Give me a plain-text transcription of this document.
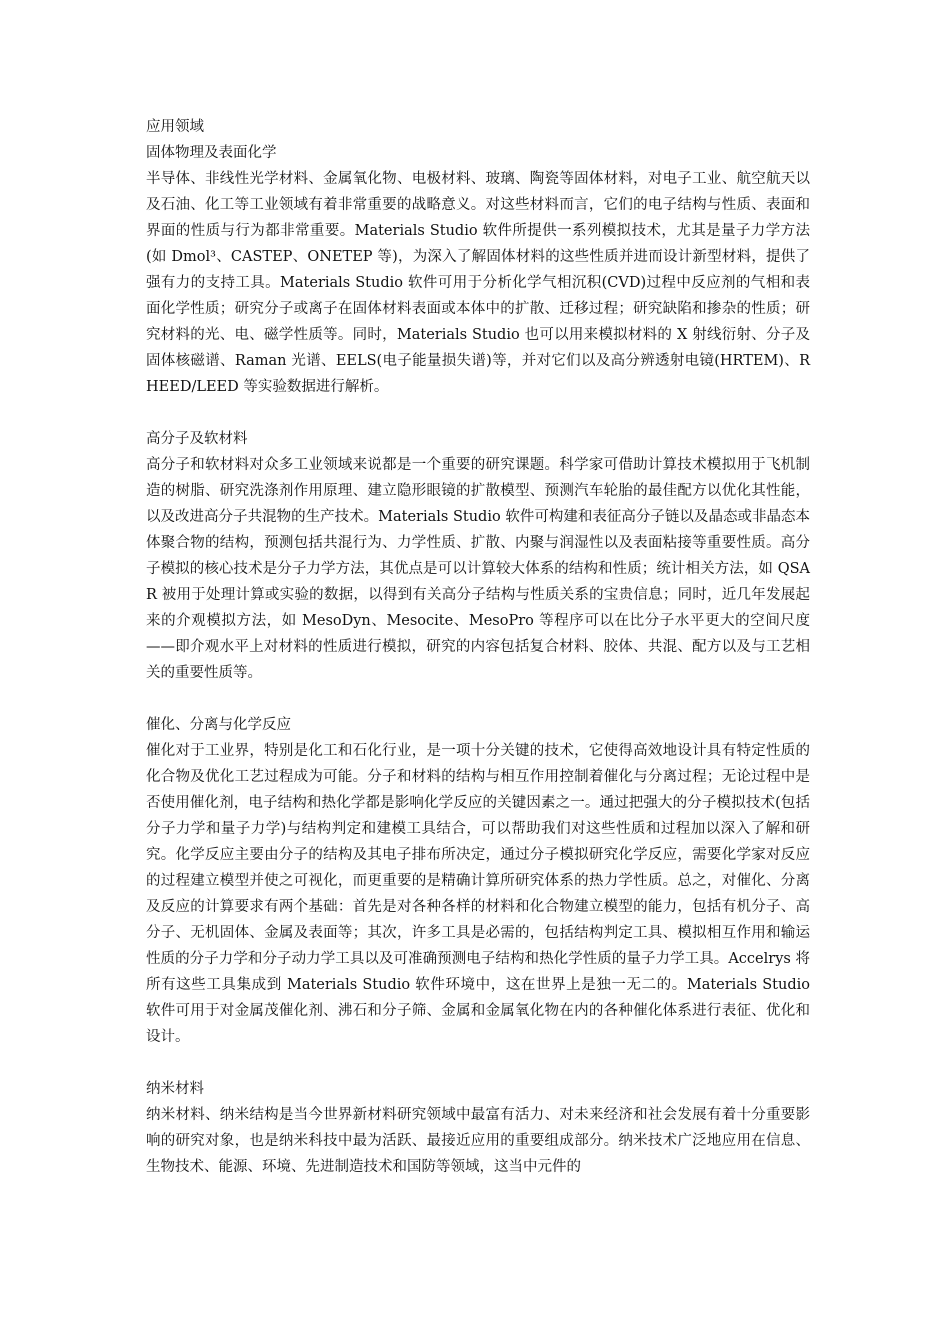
应用领域
固体物理及表面化学

半导体、非线性光学材料、金属氧化物、电极材料、玻璃、陶瓷等固体材料，对电子工业、航空航天以及石油、化工等工业领域有着非常重要的战略意义。对这些材料而言，它们的电子结构与性质、表面和界面的性质与行为都非常重要。Materials Studio 软件所提供一系列模拟技术，尤其是量子力学方法(如 Dmol³、CASTEP、ONETEP 等)，为深入了解固体材料的这些性质并进而设计新型材料，提供了强有力的支持工具。Materials Studio 软件可用于分析化学气相沉积(CVD)过程中反应剂的气相和表面化学性质；研究分子或离子在固体材料表面或本体中的扩散、迁移过程；研究缺陷和掺杂的性质；研究材料的光、电、磁学性质等。同时，Materials Studio 也可以用来模拟材料的 X 射线衍射、分子及固体核磁谱、Raman 光谱、EELS(电子能量损失谱)等，并对它们以及高分辨透射电镜(HRTEM)、RHEED/LEED 等实验数据进行解析。

高分子及软材料

高分子和软材料对众多工业领域来说都是一个重要的研究课题。科学家可借助计算技术模拟用于飞机制造的树脂、研究洗涤剂作用原理、建立隐形眼镜的扩散模型、预测汽车轮胎的最佳配方以优化其性能，以及改进高分子共混物的生产技术。Materials Studio 软件可构建和表征高分子链以及晶态或非晶态本体聚合物的结构，预测包括共混行为、力学性质、扩散、内聚与润湿性以及表面粘接等重要性质。高分子模拟的核心技术是分子力学方法，其优点是可以计算较大体系的结构和性质；统计相关方法，如 QSAR 被用于处理计算或实验的数据，以得到有关高分子结构与性质关系的宝贵信息；同时，近几年发展起来的介观模拟方法，如 MesoDyn、Mesocite、MesoPro 等程序可以在比分子水平更大的空间尺度——即介观水平上对材料的性质进行模拟，研究的内容包括复合材料、胶体、共混、配方以及与工艺相关的重要性质等。

催化、分离与化学反应

催化对于工业界，特别是化工和石化行业，是一项十分关键的技术，它使得高效地设计具有特定性质的化合物及优化工艺过程成为可能。分子和材料的结构与相互作用控制着催化与分离过程；无论过程中是否使用催化剂，电子结构和热化学都是影响化学反应的关键因素之一。通过把强大的分子模拟技术(包括分子力学和量子力学)与结构判定和建模工具结合，可以帮助我们对这些性质和过程加以深入了解和研究。化学反应主要由分子的结构及其电子排布所决定，通过分子模拟研究化学反应，需要化学家对反应的过程建立模型并使之可视化，而更重要的是精确计算所研究体系的热力学性质。总之，对催化、分离及反应的计算要求有两个基础：首先是对各种各样的材料和化合物建立模型的能力，包括有机分子、高分子、无机固体、金属及表面等；其次，许多工具是必需的，包括结构判定工具、模拟相互作用和输运性质的分子力学和分子动力学工具以及可准确预测电子结构和热化学性质的量子力学工具。Accelrys 将所有这些工具集成到 Materials Studio 软件环境中，这在世界上是独一无二的。Materials Studio 软件可用于对金属茂催化剂、沸石和分子筛、金属和金属氧化物在内的各种催化体系进行表征、优化和设计。

纳米材料

纳米材料、纳米结构是当今世界新材料研究领域中最富有活力、对未来经济和社会发展有着十分重要影响的研究对象，也是纳米科技中最为活跃、最接近应用的重要组成部分。纳米技术广泛地应用在信息、生物技术、能源、环境、先进制造技术和国防等领域，这当中元件的
